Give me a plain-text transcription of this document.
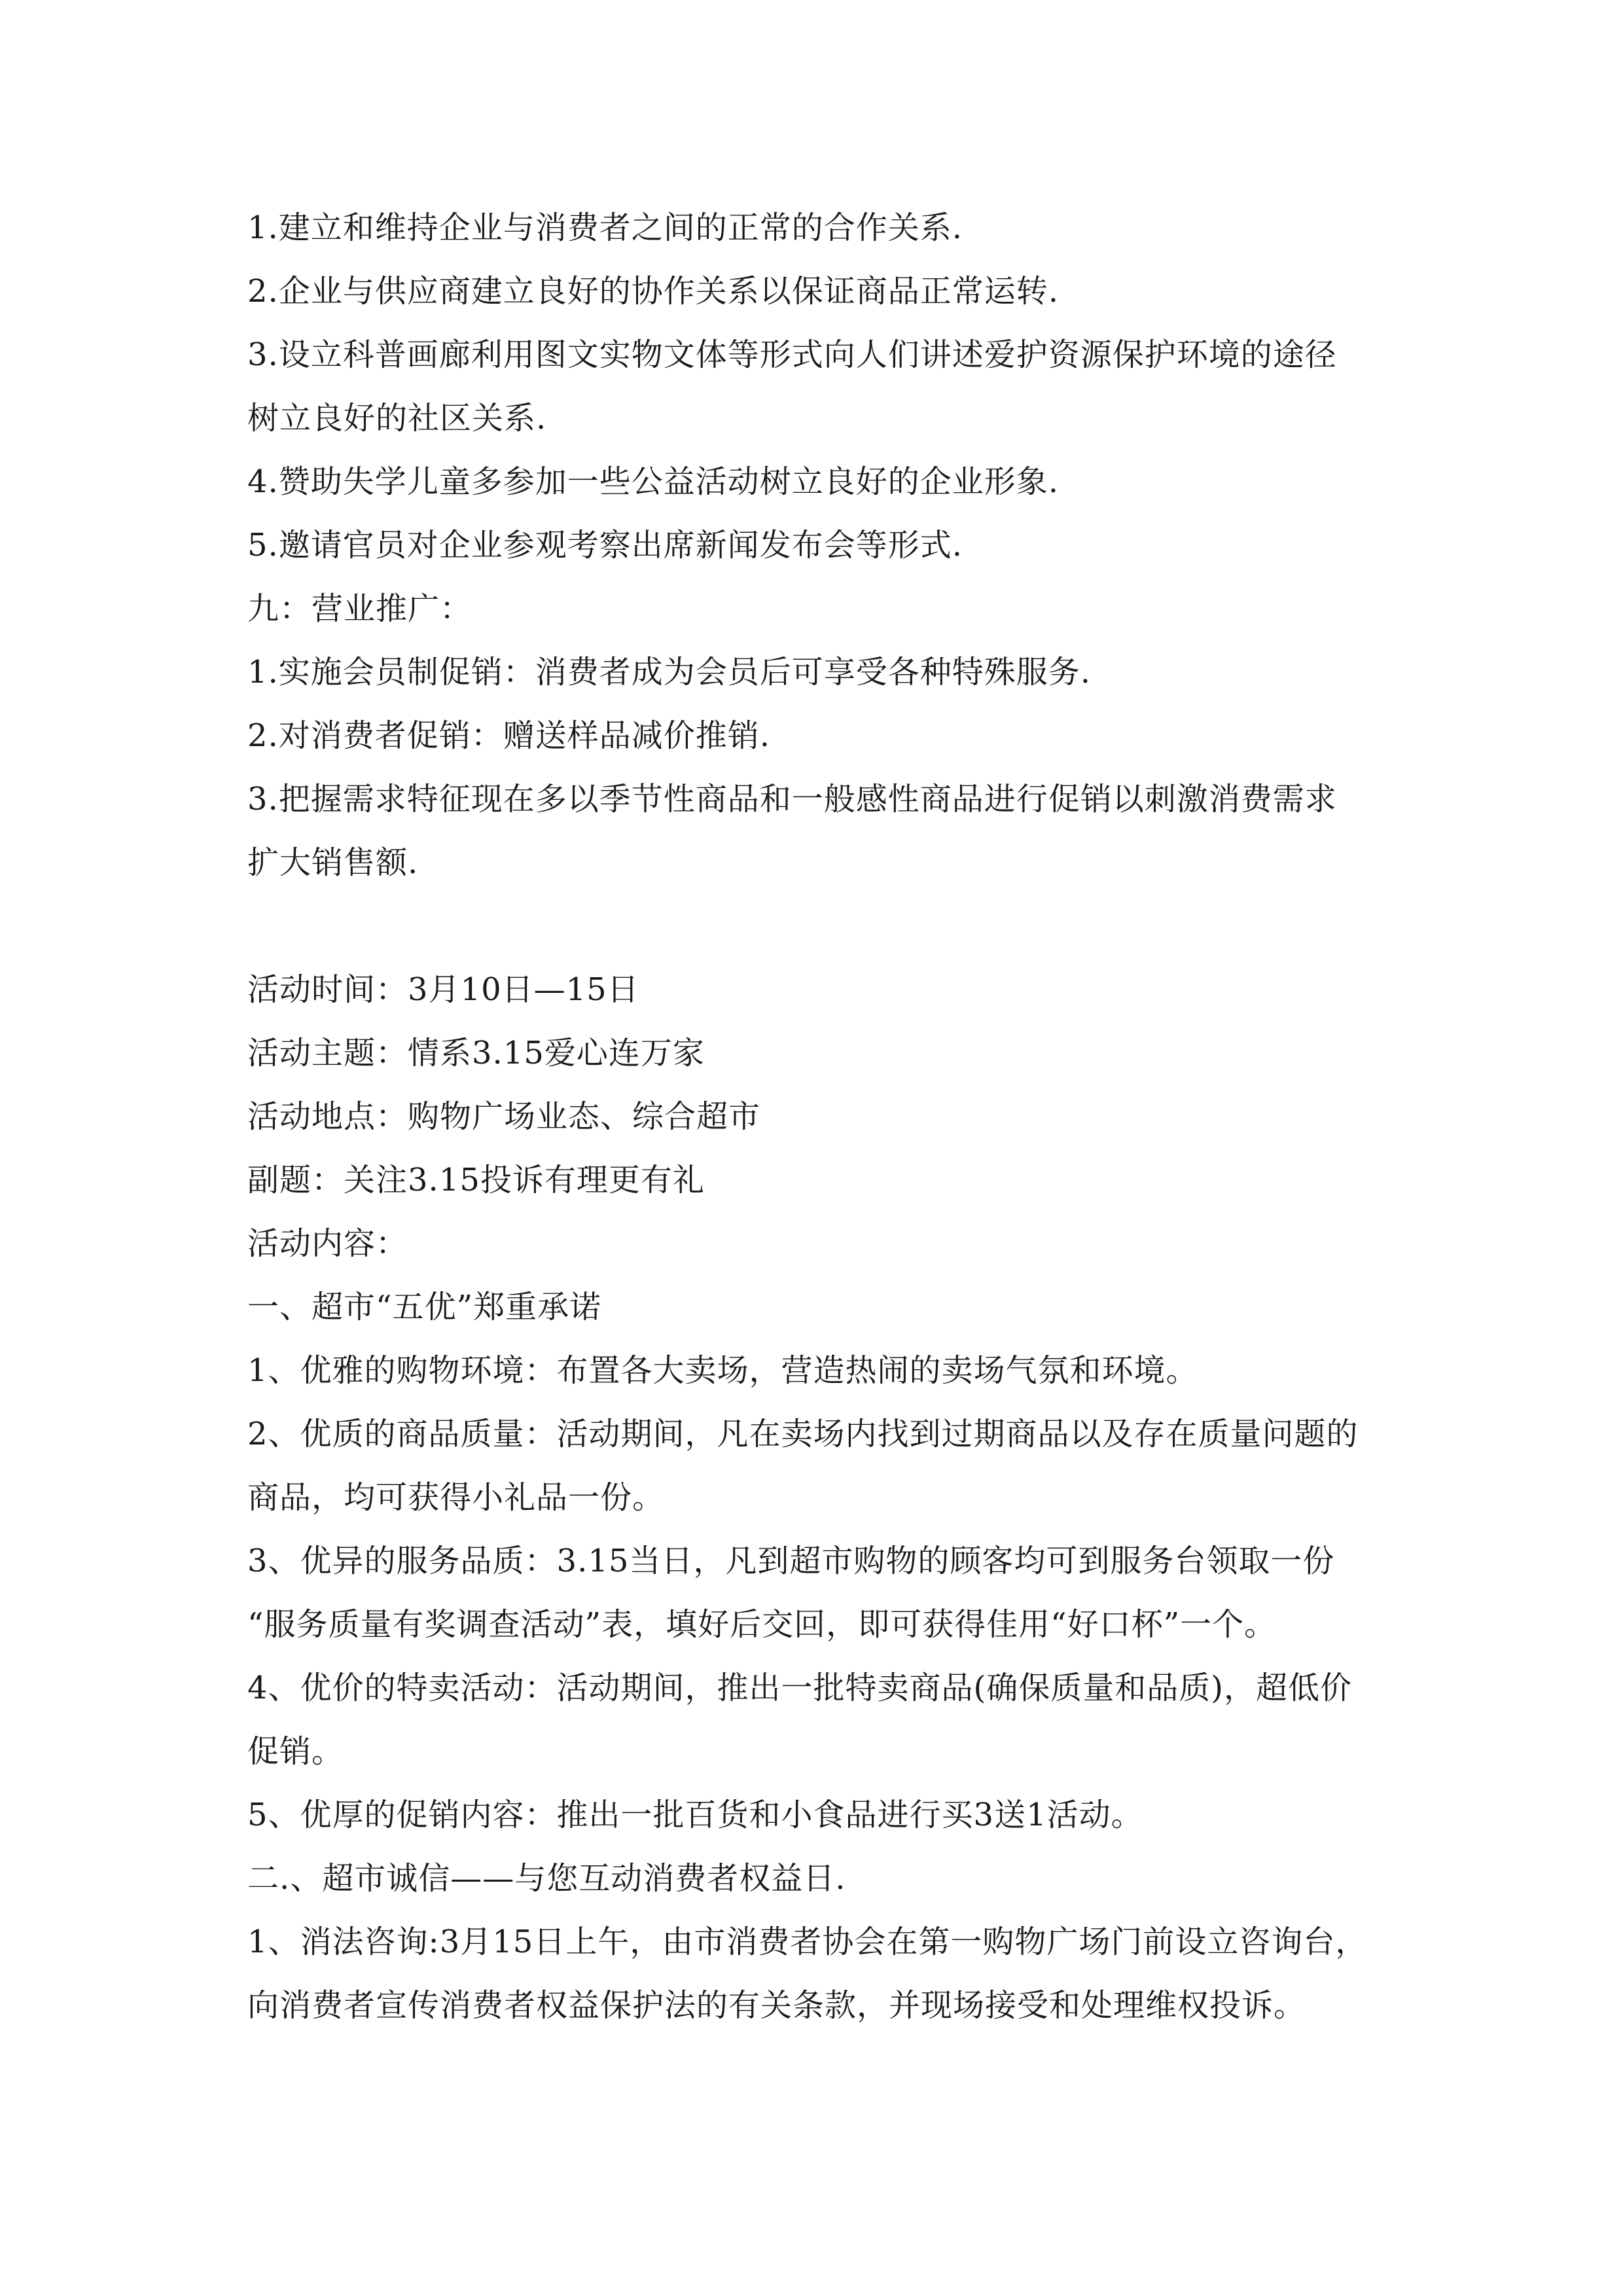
1.建立和维持企业与消费者之间的正常的合作关系.
2.企业与供应商建立良好的协作关系以保证商品正常运转.
3.设立科普画廊利用图文实物文体等形式向人们讲述爱护资源保护环境的途径
树立良好的社区关系.
4.赞助失学儿童多参加一些公益活动树立良好的企业形象.
5.邀请官员对企业参观考察出席新闻发布会等形式.
九：营业推广：
1.实施会员制促销：消费者成为会员后可享受各种特殊服务.
2.对消费者促销：赠送样品减价推销.
3.把握需求特征现在多以季节性商品和一般感性商品进行促销以刺激消费需求
扩大销售额.
活动时间：3月10日—15日
活动主题：情系3.15爱心连万家
活动地点：购物广场业态、综合超市
副题：关注3.15投诉有理更有礼
活动内容：
一、超市“五优”郑重承诺
1、优雅的购物环境：布置各大卖场，营造热闹的卖场气氛和环境。
2、优质的商品质量：活动期间，凡在卖场内找到过期商品以及存在质量问题的
商品，均可获得小礼品一份。
3、优异的服务品质：3.15当日，凡到超市购物的顾客均可到服务台领取一份
“服务质量有奖调查活动”表，填好后交回，即可获得佳用“好口杯”一个。
4、优价的特卖活动：活动期间，推出一批特卖商品(确保质量和品质)，超低价
促销。
5、优厚的促销内容：推出一批百货和小食品进行买3送1活动。
二.、超市诚信——与您互动消费者权益日.
1、消法咨询:3月15日上午，由市消费者协会在第一购物广场门前设立咨询台，
向消费者宣传消费者权益保护法的有关条款，并现场接受和处理维权投诉。
